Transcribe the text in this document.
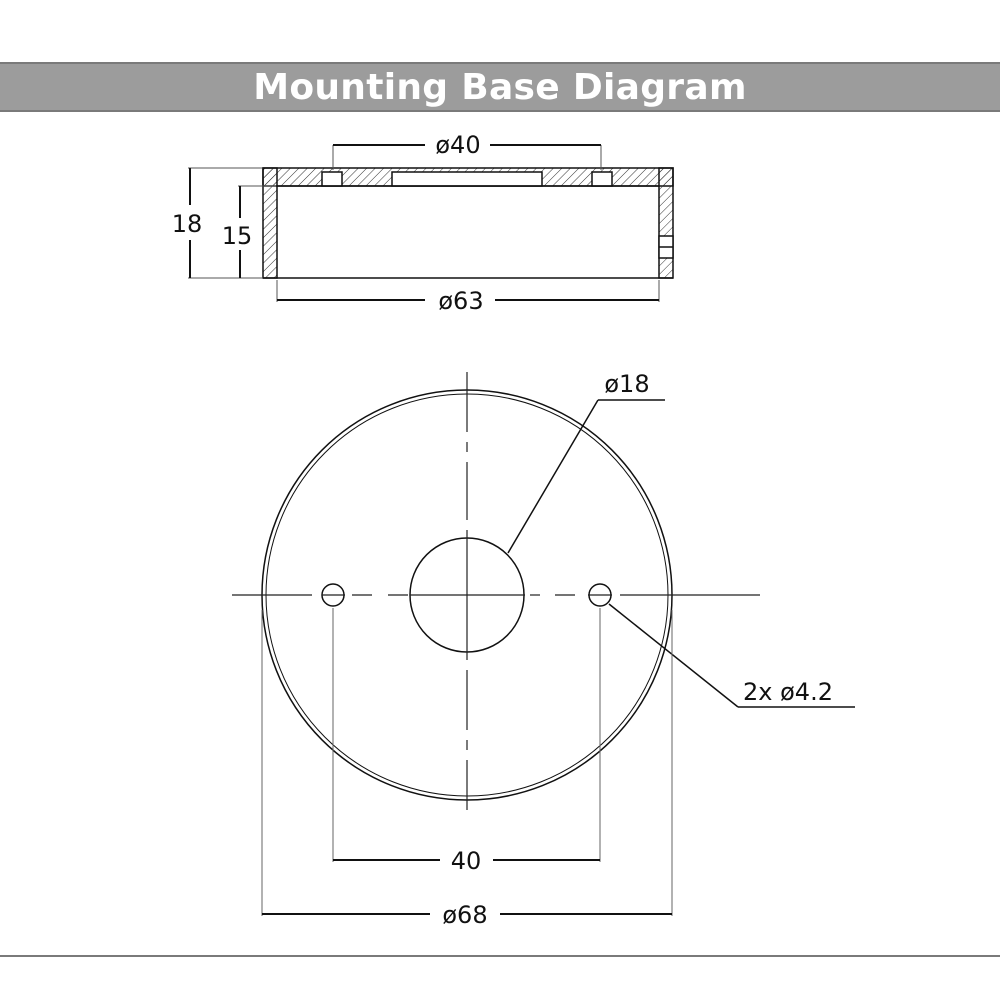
Mounting Base Diagram
ø40
18 15
ø63
ø18
2x ø4.2
40
ø68
